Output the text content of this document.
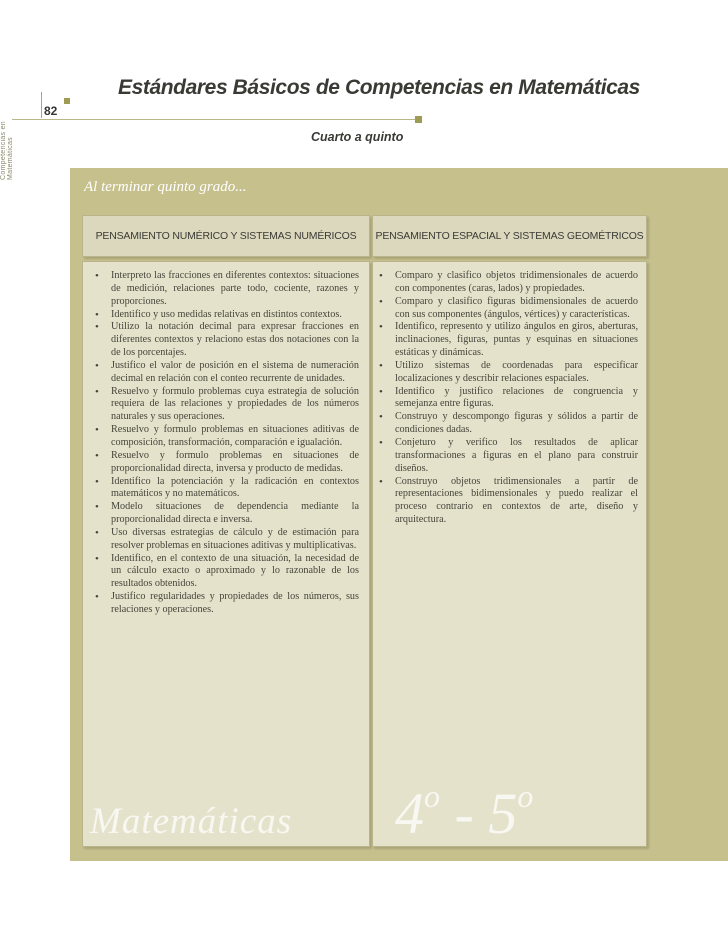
Competencias en Matemáticas
82
Estándares Básicos de Competencias en Matemáticas
Cuarto a quinto
Al terminar quinto grado...
PENSAMIENTO NUMÉRICO Y SISTEMAS NUMÉRICOS	PENSAMIENTO ESPACIAL Y SISTEMAS GEOMÉTRICOS
• Interpreto las fracciones en diferentes contextos: situaciones de medición, relaciones parte todo, cociente, razones y proporciones.
• Identifico y uso medidas relativas en distintos contextos.
• Utilizo la notación decimal para expresar fracciones en diferentes contextos y relaciono estas dos notaciones con la de los porcentajes.
• Justifico el valor de posición en el sistema de numeración decimal en relación con el conteo recurrente de unidades.
• Resuelvo y formulo problemas cuya estrategia de solución requiera de las relaciones y propiedades de los números naturales y sus operaciones.
• Resuelvo y formulo problemas en situaciones aditivas de composición, transformación, comparación e igualación.
• Resuelvo y formulo problemas en situaciones de proporcionalidad directa, inversa y producto de medidas.
• Identifico la potenciación y la radicación en contextos matemáticos y no matemáticos.
• Modelo situaciones de dependencia mediante la proporcionalidad directa e inversa.
• Uso diversas estrategias de cálculo y de estimación para resolver problemas en situaciones aditivas y multiplicativas.
• Identifico, en el contexto de una situación, la necesidad de un cálculo exacto o aproximado y lo razonable de los resultados obtenidos.
• Justifico regularidades y propiedades de los números, sus relaciones y operaciones.
• Comparo y clasifico objetos tridimensionales de acuerdo con componentes (caras, lados) y propiedades.
• Comparo y clasifico figuras bidimensionales de acuerdo con sus componentes (ángulos, vértices) y características.
• Identifico, represento y utilizo ángulos en giros, aberturas, inclinaciones, figuras, puntas y esquinas en situaciones estáticas y dinámicas.
• Utilizo sistemas de coordenadas para especificar localizaciones y describir relaciones espaciales.
• Identifico y justifico relaciones de congruencia y semejanza entre figuras.
• Construyo y descompongo figuras y sólidos a partir de condiciones dadas.
• Conjeturo y verifico los resultados de aplicar transformaciones a figuras en el plano para construir diseños.
• Construyo objetos tridimensionales a partir de representaciones bidimensionales y puedo realizar el proceso contrario en contextos de arte, diseño y arquitectura.
Matemáticas 4$^o$ - 5$^o$
